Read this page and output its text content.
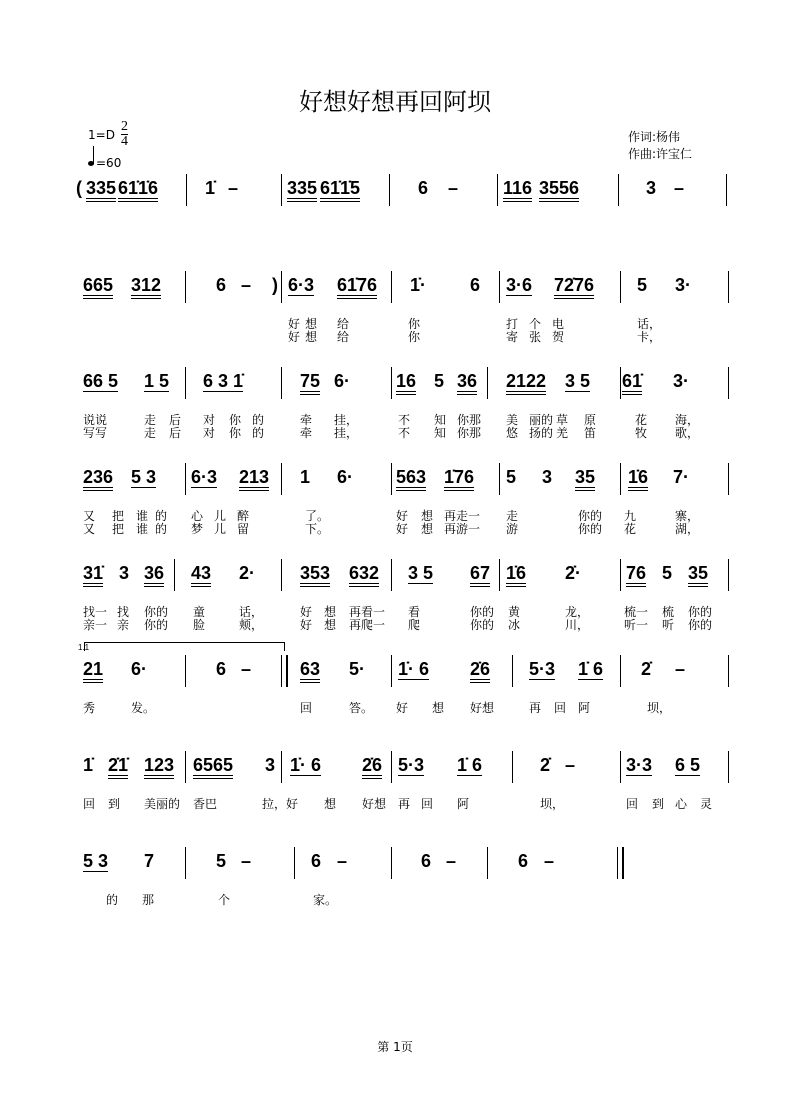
好想好想再回阿坝
$1=D \frac{2}{4}$
=60
作词:杨伟
作曲:许宝仁
1.1
( 335 61̇1̇6	1̇ –	335 61̇1̇5	6 – 116 3556	3 –
665 312	6 – ) 6·3 61̇76 1̇· 6 3·6 72̇76 5 3·
好 想 给	你	打 个 电	话，
好 想 给	你	寄 张 贺	卡，
66 5 1 5 6 3 1̇	75 6·	16 5 36 2122 3 5 61̇ 3·
说说	走 后 对 你 的	牵 挂，	不 知 你那 美 丽的 草 原	花 海，
写写	走 后 对 你 的	牵 挂，	不 知 你那 悠 扬的 羌 笛	牧 歌，
236 5 3 6·3 213 1 6· 563 1̇76 5 3 35 1̇6 7·
又 把 谁 的 心 儿 醉	了。	好 想 再走一 走	你的 九	寨，
又 把 谁 的 梦 儿 留	下。	好 想 再游一 游	你的 花	湖，
31̇ 3 36 43 2· 353 632 3 5 67 1̇6 2̇· 76 5 35
找一 找 你的 童	话，	好 想 再看一 看	你的 黄	龙，	梳一 梳 你的
亲一 亲 你的 脸	颊，	好 想 再爬一 爬	你的 冰	川，	听一 听 你的
21 6·	6 –	63 5· 1̇· 6 2̇6 5·3 1̇ 6 2̇ –
秀	发。	回	答。 好 想 好想	再 回 阿	坝，
1̇ 2̇1̇ 123 6565 3 1̇· 6 2̇6 5·3 1̇ 6	2̇ –	3·3 6 5
回 到 美丽的 香巴	拉，好 想 好想 再 回 阿	坝，	回 到 心 灵
5 3 7	5 –	6 –	6 –	6 –
的 那	个	家。
第 1页
